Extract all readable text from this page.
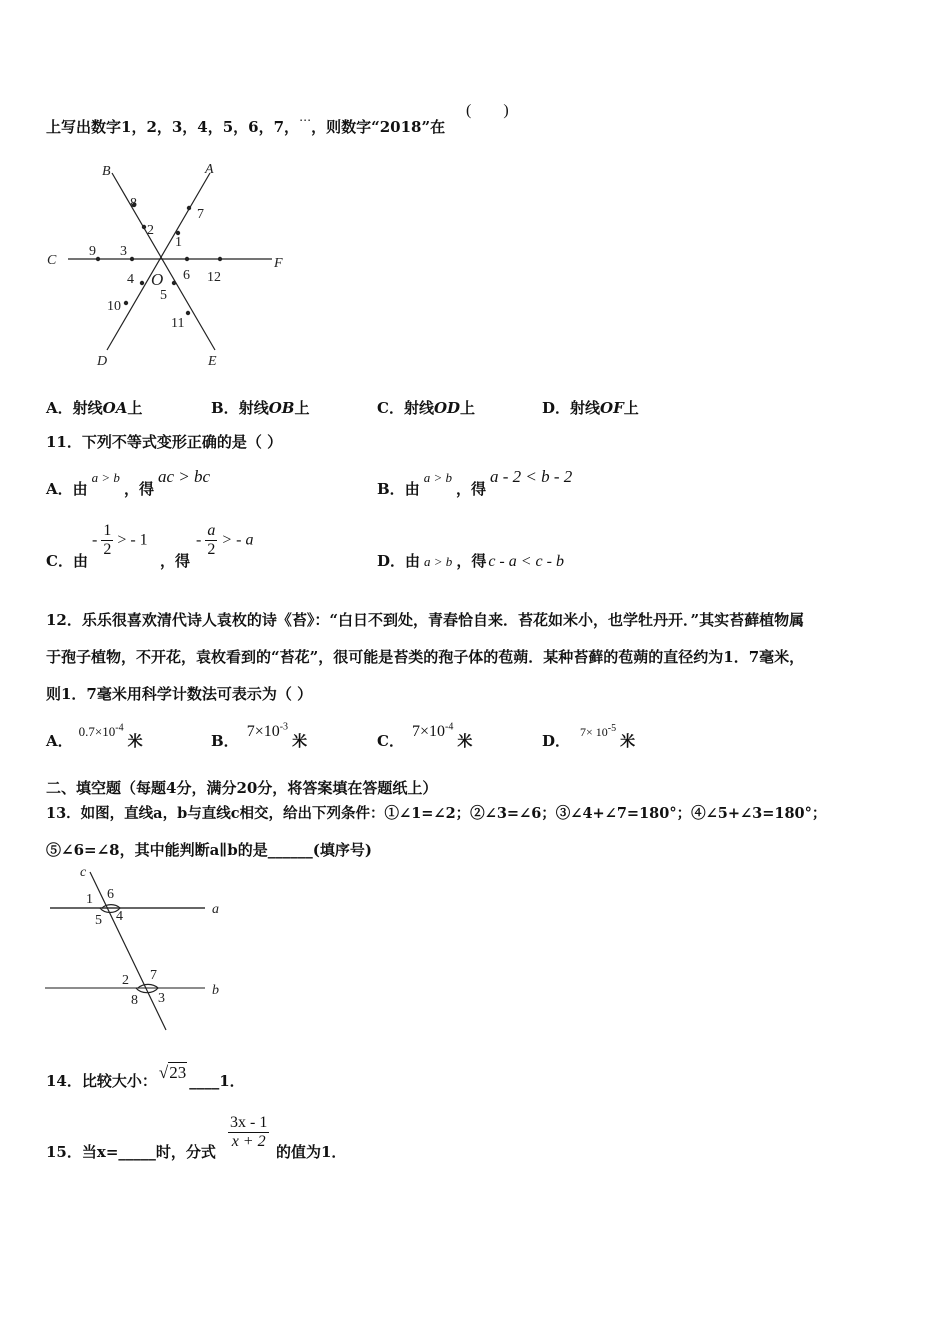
上写出数字1，2，3，4，5，6，7，⋯，则数字“2018”在
(        )
B	A
C	F
D	E
O
1
2
3
4
5
6
7
8
9
10
11
12
A．射线OA上	B．射线OB上	C．射线OD上	D．射线OF上
11．下列不等式变形正确的是（ ）
A．由a > b，得ac > bc
B．由a > b，得a - 2 < b - 2
C．由
- $\frac{1}{2}$ > - 1
，得
- $\frac{a}{2}$ > - a
D．由 a > b ，得 c - a < c - b
12．乐乐很喜欢清代诗人袁枚的诗《苔》：“白日不到处，青春恰自来．苔花如米小，也学牡丹开．”其实苔藓植物属
于孢子植物，不开花，袁枚看到的“苔花”，很可能是苔类的孢子体的苞蒴．某种苔藓的苞蒴的直径约为1．7毫米，
则1．7毫米用科学计数法可表示为（ ）
A．$0.7\times 10^{-4}$米	B．$7\times 10^{-3}$米	C．$7\times 10^{-4}$米	D． $^{7\times 10^{-5}}$米
二、填空题（每题4分，满分20分，将答案填在答题纸上）
13．如图，直线a，b与直线c相交，给出下列条件：①∠1=∠2；②∠3=∠6；③∠4+∠7=180°；④∠5+∠3=180°；
⑤∠6=∠8，其中能判断a∥b的是______(填序号)
c
1 6
5 4	a
2 7
8 3
b
14．比较大小： √23 ____1．
15．当x=_____时，分式
$\frac{3x - 1}{x + 2}$
的值为1．
